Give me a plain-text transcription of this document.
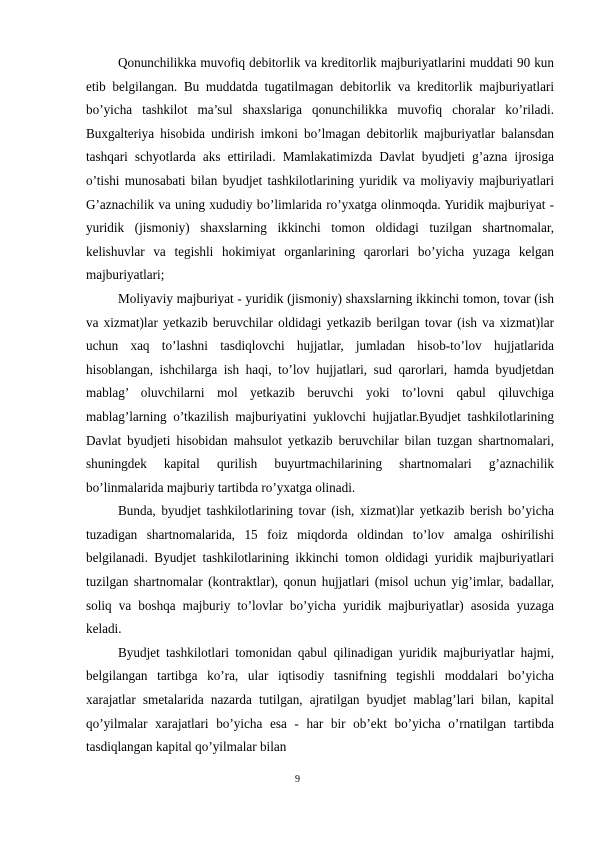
Qonunchilikka muvofiq debitorlik va kreditorlik majburiyatlarini muddati 90 kun etib belgilangan. Bu muddatda tugatilmagan debitorlik va kreditorlik majburiyatlari bo’yicha tashkilot ma’sul shaxslariga qonunchilikka muvofiq choralar ko’riladi. Buxgalteriya hisobida undirish imkoni bo’lmagan debitorlik majburiyatlar balansdan tashqari schyotlarda aks ettiriladi. Mamlakatimizda Davlat byudjeti g’azna ijrosiga o’tishi munosabati bilan byudjet tashkilotlarining yuridik va moliyaviy majburiyatlari G’aznachilik va uning xududiy bo’limlarida ro’yxatga olinmoqda. Yuridik majburiyat - yuridik (jismoniy) shaxslarning ikkinchi tomon oldidagi tuzilgan shartnomalar, kelishuvlar va tegishli hokimiyat organlarining qarorlari bo’yicha yuzaga kelgan majburiyatlari;

Moliyaviy majburiyat - yuridik (jismoniy) shaxslarning ikkinchi tomon, tovar (ish va xizmat)lar yetkazib beruvchilar oldidagi yetkazib berilgan tovar (ish va xizmat)lar uchun xaq to’lashni tasdiqlovchi hujjatlar, jumladan hisob-to’lov hujjatlarida hisoblangan, ishchilarga ish haqi, to’lov hujjatlari, sud qarorlari, hamda byudjetdan mablag’ oluvchilarni mol yetkazib beruvchi yoki to’lovni qabul qiluvchiga mablag’larning o’tkazilish majburiyatini yuklovchi hujjatlar.Byudjet tashkilotlarining Davlat byudjeti hisobidan mahsulot yetkazib beruvchilar bilan tuzgan shartnomalari, shuningdek kapital qurilish buyurtmachilarining shartnomalari g’aznachilik bo’linmalarida majburiy tartibda ro’yxatga olinadi.

Bunda, byudjet tashkilotlarining tovar (ish, xizmat)lar yetkazib berish bo’yicha tuzadigan shartnomalarida, 15 foiz miqdorda oldindan to’lov amalga oshirilishi belgilanadi. Byudjet tashkilotlarining ikkinchi tomon oldidagi yuridik majburiyatlari tuzilgan shartnomalar (kontraktlar), qonun hujjatlari (misol uchun yig’imlar, badallar, soliq va boshqa majburiy to’lovlar bo’yicha yuridik majburiyatlar) asosida yuzaga keladi.

Byudjet tashkilotlari tomonidan qabul qilinadigan yuridik majburiyatlar hajmi, belgilangan tartibga ko’ra, ular iqtisodiy tasnifning tegishli moddalari bo’yicha xarajatlar smetalarida nazarda tutilgan, ajratilgan byudjet mablag’lari bilan, kapital qo’yilmalar xarajatlari bo’yicha esa - har bir ob’ekt bo’yicha o’rnatilgan tartibda tasdiqlangan kapital qo’yilmalar bilan

9
